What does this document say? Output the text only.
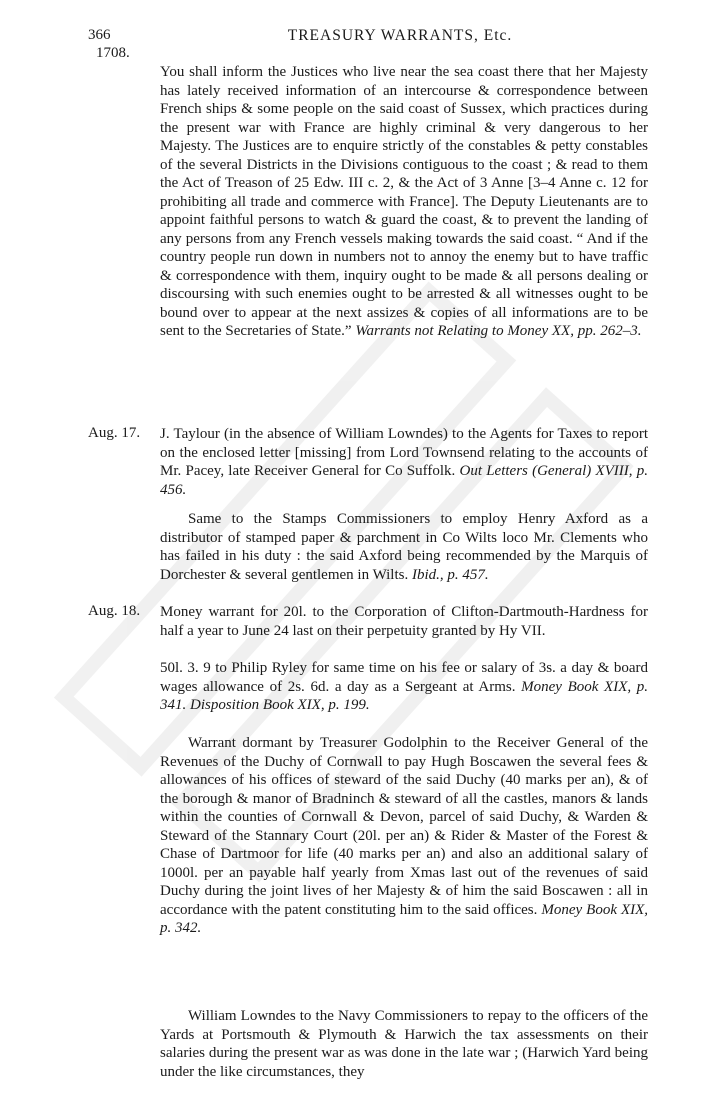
366	TREASURY WARRANTS, Etc.
1708.

You shall inform the Justices who live near the sea coast there that her Majesty has lately received information of an intercourse & correspondence between French ships & some people on the said coast of Sussex, which practices during the present war with France are highly criminal & very dangerous to her Majesty. The Justices are to enquire strictly of the constables & petty constables of the several Districts in the Divisions contiguous to the coast ; & read to them the Act of Treason of 25 Edw. III c. 2, & the Act of 3 Anne [3–4 Anne c. 12 for prohibiting all trade and commerce with France]. The Deputy Lieutenants are to appoint faithful persons to watch & guard the coast, & to prevent the landing of any persons from any French vessels making towards the said coast. “ And if the country people run down in numbers not to annoy the enemy but to have traffic & correspondence with them, inquiry ought to be made & all persons dealing or discoursing with such enemies ought to be arrested & all witnesses ought to be bound over to appear at the next assizes & copies of all informations are to be sent to the Secretaries of State.” Warrants not Relating to Money XX, pp. 262–3.

Aug. 17. J. Taylour (in the absence of William Lowndes) to the Agents for Taxes to report on the enclosed letter [missing] from Lord Townsend relating to the accounts of Mr. Pacey, late Receiver General for Co Suffolk. Out Letters (General) XVIII, p. 456.

Same to the Stamps Commissioners to employ Henry Axford as a distributor of stamped paper & parchment in Co Wilts loco Mr. Clements who has failed in his duty : the said Axford being recommended by the Marquis of Dorchester & several gentlemen in Wilts. Ibid., p. 457.

Aug. 18. Money warrant for 20l. to the Corporation of Clifton-Dartmouth-Hardness for half a year to June 24 last on their perpetuity granted by Hy VII.

50l. 3. 9 to Philip Ryley for same time on his fee or salary of 3s. a day & board wages allowance of 2s. 6d. a day as a Sergeant at Arms. Money Book XIX, p. 341. Disposition Book XIX, p. 199.

Warrant dormant by Treasurer Godolphin to the Receiver General of the Revenues of the Duchy of Cornwall to pay Hugh Boscawen the several fees & allowances of his offices of steward of the said Duchy (40 marks per an), & of the borough & manor of Bradninch & steward of all the castles, manors & lands within the counties of Cornwall & Devon, parcel of said Duchy, & Warden & Steward of the Stannary Court (20l. per an) & Rider & Master of the Forest & Chase of Dartmoor for life (40 marks per an) and also an additional salary of 1000l. per an payable half yearly from Xmas last out of the revenues of said Duchy during the joint lives of her Majesty & of him the said Boscawen : all in accordance with the patent constituting him to the said offices. Money Book XIX, p. 342.

William Lowndes to the Navy Commissioners to repay to the officers of the Yards at Portsmouth & Plymouth & Harwich the tax assessments on their salaries during the present war as was done in the late war ; (Harwich Yard being under the like circumstances, they
